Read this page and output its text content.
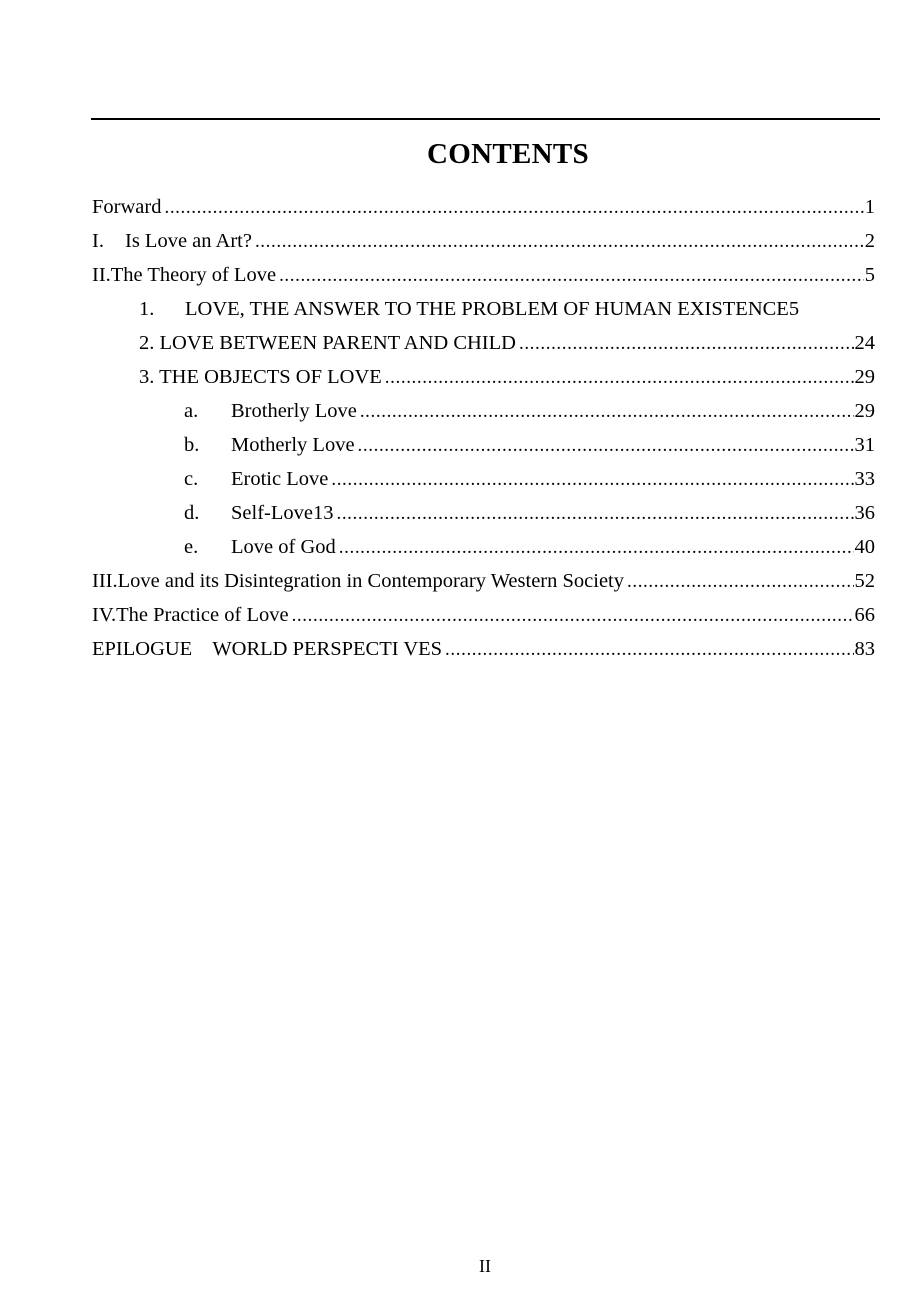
CONTENTS
Forward .....	1
I.	Is Love an Art? .....	2
II.The Theory of Love .....	5
1.	LOVE, THE ANSWER TO THE PROBLEM OF HUMAN EXISTENCE 5
2. LOVE BETWEEN PARENT AND CHILD .....	24
3. THE OBJECTS OF LOVE .....	29
a.	Brotherly Love .....	29
b.	Motherly Love .....	31
c.	Erotic Love .....	33
d.	Self-Love13 .....	36
e.	Love of God .....	40
III.Love and its Disintegration in Contemporary Western Society .....	52
IV.The Practice of Love .....	66
EPILOGUE    WORLD PERSPECTI VES .....	83
II
